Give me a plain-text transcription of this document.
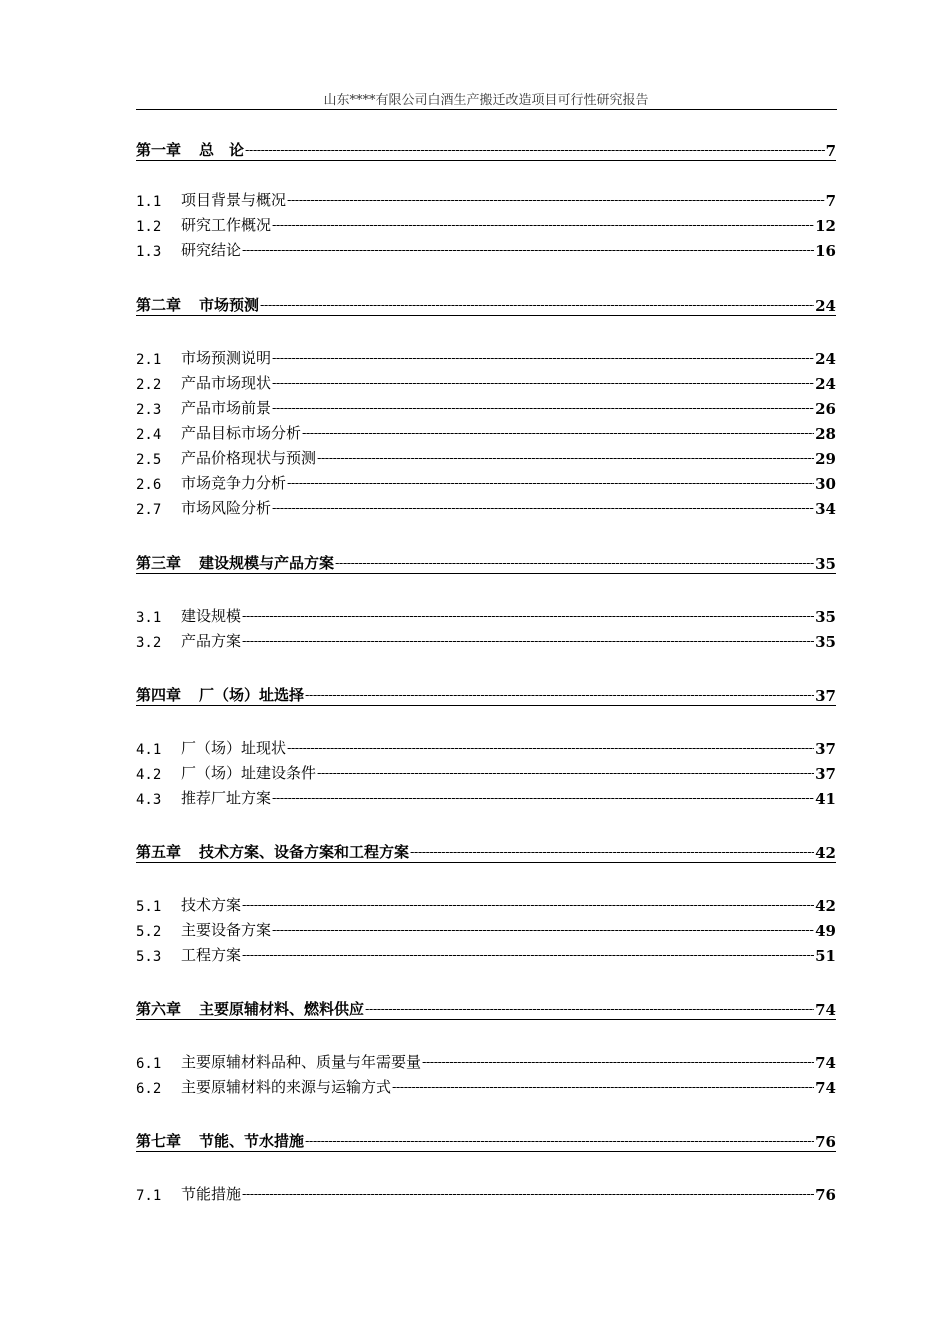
山东****有限公司白酒生产搬迁改造项目可行性研究报告
第一章 总　论 -----	7
1.1	项目背景与概况 -----	7
1.2	研究工作概况 -----	12
1.3	研究结论 -----	16
第二章 市场预测 -----	24
2.1	市场预测说明 -----	24
2.2	产品市场现状 -----	24
2.3	产品市场前景 -----	26
2.4	产品目标市场分析 -----	28
2.5	产品价格现状与预测 -----	29
2.6	市场竞争力分析 -----	30
2.7	市场风险分析 -----	34
第三章 建设规模与产品方案 -----	35
3.1	建设规模 -----	35
3.2	产品方案 -----	35
第四章 厂（场）址选择 -----	37
4.1	厂（场）址现状 -----	37
4.2	厂（场）址建设条件 -----	37
4.3	推荐厂址方案 -----	41
第五章 技术方案、设备方案和工程方案 -----	42
5.1	技术方案 -----	42
5.2	主要设备方案 -----	49
5.3	工程方案 -----	51
第六章 主要原辅材料、燃料供应 -----	74
6.1	主要原辅材料品种、质量与年需要量 -----	74
6.2	主要原辅材料的来源与运输方式 -----	74
第七章 节能、节水措施 -----	76
7.1	节能措施 -----	76
